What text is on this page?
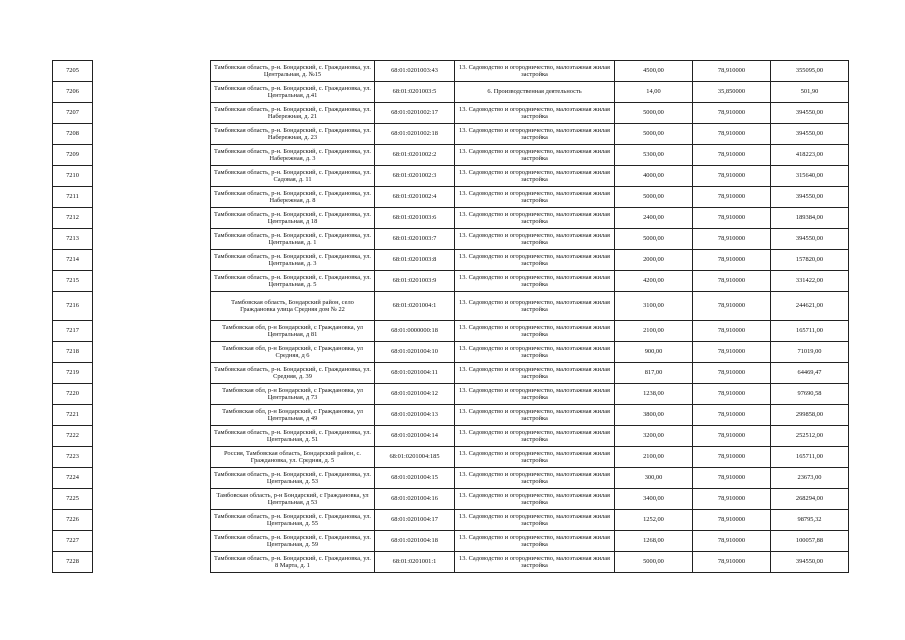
7205		Тамбовская область, р-н. Бондарский, с. Граждановка, ул. Центральная, д. №15	68:01:0201003:43	13. Садоводство и огородничество, малоэтажная жилая застройка	4500,00	78,910000	355095,00
7206		Тамбовская область, р-н. Бондарский, с. Граждановка, ул. Центральная, д.41	68:01:0201003:5	6. Производственная деятельность	14,00	35,850000	501,90
7207		Тамбовская область, р-н. Бондарский, с. Граждановка, ул. Набережная, д. 21	68:01:0201002:17	13. Садоводство и огородничество, малоэтажная жилая застройка	5000,00	78,910000	394550,00
7208		Тамбовская область, р-н. Бондарский, с. Граждановка, ул. Набережная, д. 23	68:01:0201002:18	13. Садоводство и огородничество, малоэтажная жилая застройка	5000,00	78,910000	394550,00
7209		Тамбовская область, р-н. Бондарский, с. Граждановка, ул. Набережная, д. 3	68:01:0201002:2	13. Садоводство и огородничество, малоэтажная жилая застройка	5300,00	78,910000	418223,00
7210		Тамбовская область, р-н. Бондарский, с. Граждановка, ул. Садовая, д. 11	68:01:0201002:3	13. Садоводство и огородничество, малоэтажная жилая застройка	4000,00	78,910000	315640,00
7211		Тамбовская область, р-н. Бондарский, с. Граждановка, ул. Набережная, д. 8	68:01:0201002:4	13. Садоводство и огородничество, малоэтажная жилая застройка	5000,00	78,910000	394550,00
7212		Тамбовская область, р-н. Бондарский, с. Граждановка, ул. Центральная, д 18	68:01:0201003:6	13. Садоводство и огородничество, малоэтажная жилая застройка	2400,00	78,910000	189384,00
7213		Тамбовская область, р-н. Бондарский, с. Граждановка, ул. Центральная, д. 1	68:01:0201003:7	13. Садоводство и огородничество, малоэтажная жилая застройка	5000,00	78,910000	394550,00
7214		Тамбовская область, р-н. Бондарский, с. Граждановка, ул. Центральная, д. 3	68:01:0201003:8	13. Садоводство и огородничество, малоэтажная жилая застройка	2000,00	78,910000	157820,00
7215		Тамбовская область, р-н. Бондарский, с. Граждановка, ул. Центральная, д. 5	68:01:0201003:9	13. Садоводство и огородничество, малоэтажная жилая застройка	4200,00	78,910000	331422,00
7216		Тамбовская область, Бондарский район, село Граждановка улица Средняя дом № 22	68:01:0201004:1	13. Садоводство и огородничество, малоэтажная жилая застройка	3100,00	78,910000	244621,00
7217		Тамбовская обл, р-н Бондарский, с Граждановка, ул Центральная, д 81	68:01:0000000:18	13. Садоводство и огородничество, малоэтажная жилая застройка	2100,00	78,910000	165711,00
7218		Тамбовская обл, р-н Бондарский, с Граждановка, ул Средняя, д 6	68:01:0201004:10	13. Садоводство и огородничество, малоэтажная жилая застройка	900,00	78,910000	71019,00
7219		Тамбовская область, р-н. Бондарский, с. Граждановка, ул. Средняя, д. 39	68:01:0201004:11	13. Садоводство и огородничество, малоэтажная жилая застройка	817,00	78,910000	64469,47
7220		Тамбовская обл, р-н Бондарский, с Граждановка, ул Центральная, д 73	68:01:0201004:12	13. Садоводство и огородничество, малоэтажная жилая застройка	1238,00	78,910000	97690,58
7221		Тамбовская обл, р-н Бондарский, с Граждановка, ул Центральная, д 49	68:01:0201004:13	13. Садоводство и огородничество, малоэтажная жилая застройка	3800,00	78,910000	299858,00
7222		Тамбовская область, р-н. Бондарский, с. Граждановка, ул. Центральная, д. 51	68:01:0201004:14	13. Садоводство и огородничество, малоэтажная жилая застройка	3200,00	78,910000	252512,00
7223		Россия, Тамбовская область, Бондарский район, с. Граждановка, ул. Средняя, д. 5	68:01:0201004:185	13. Садоводство и огородничество, малоэтажная жилая застройка	2100,00	78,910000	165711,00
7224		Тамбовская область, р-н. Бондарский, с. Граждановка, ул. Центральная, д. 53	68:01:0201004:15	13. Садоводство и огородничество, малоэтажная жилая застройка	300,00	78,910000	23673,00
7225		Тамбовская область, р-н Бондарский, с Граждановка, ул Центральная, д 53	68:01:0201004:16	13. Садоводство и огородничество, малоэтажная жилая застройка	3400,00	78,910000	268294,00
7226		Тамбовская область, р-н. Бондарский, с. Граждановка, ул. Центральная, д. 55	68:01:0201004:17	13. Садоводство и огородничество, малоэтажная жилая застройка	1252,00	78,910000	98795,32
7227		Тамбовская область, р-н. Бондарский, с. Граждановка, ул. Центральная, д. 59	68:01:0201004:18	13. Садоводство и огородничество, малоэтажная жилая застройка	1268,00	78,910000	100057,88
7228		Тамбовская область, р-н. Бондарский, с. Граждановка, ул. 8 Марта, д. 1	68:01:0201001:1	13. Садоводство и огородничество, малоэтажная жилая застройка	5000,00	78,910000	394550,00
